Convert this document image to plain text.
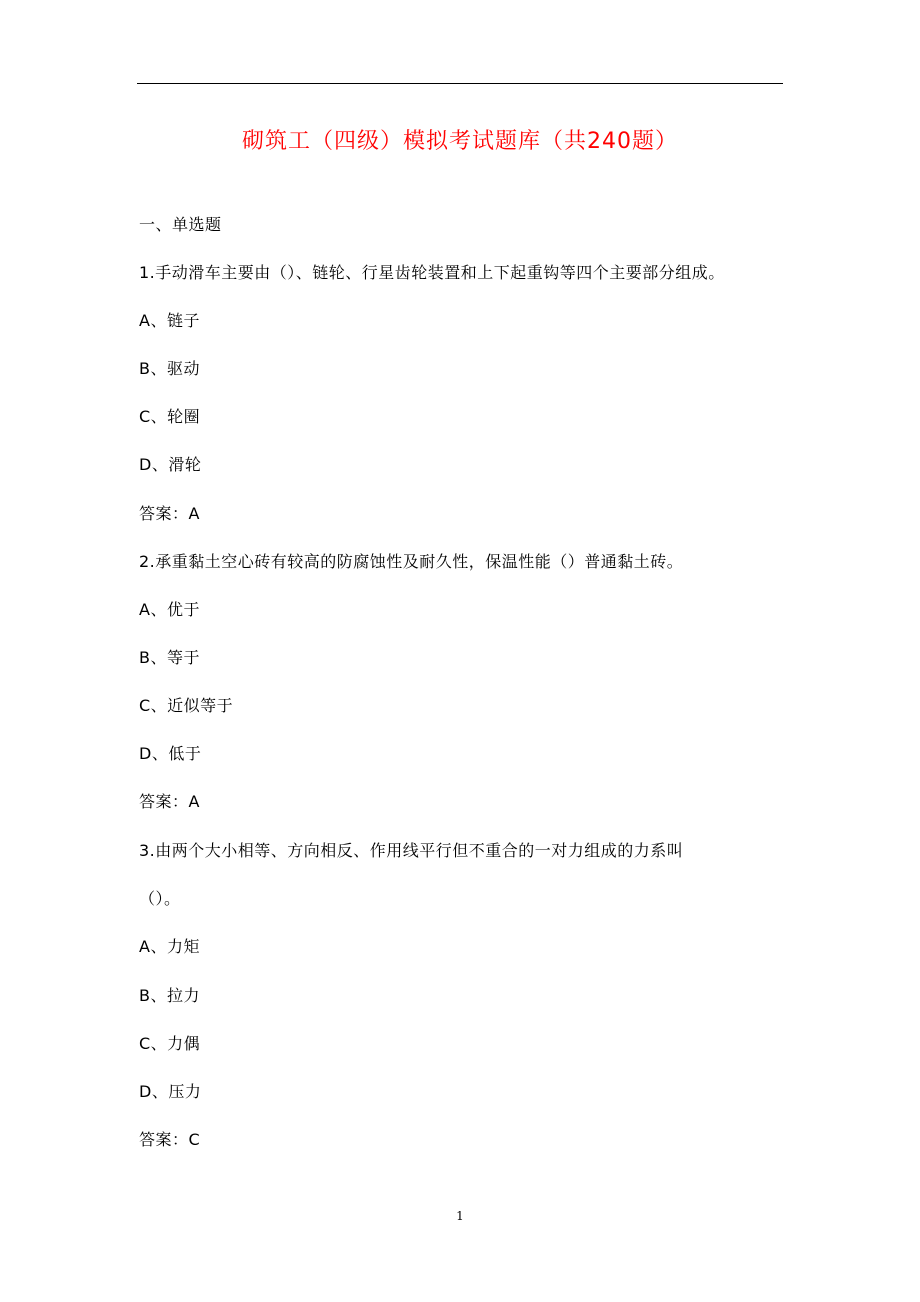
砌筑工（四级）模拟考试题库（共240题）
一、单选题
1.手动滑车主要由（）、链轮、行星齿轮装置和上下起重钩等四个主要部分组成。
A、链子
B、驱动
C、轮圈
D、滑轮
答案：A
2.承重黏土空心砖有较高的防腐蚀性及耐久性，保温性能（）普通黏土砖。
A、优于
B、等于
C、近似等于
D、低于
答案：A
3.由两个大小相等、方向相反、作用线平行但不重合的一对力组成的力系叫
（）。
A、力矩
B、拉力
C、力偶
D、压力
答案：C
1
